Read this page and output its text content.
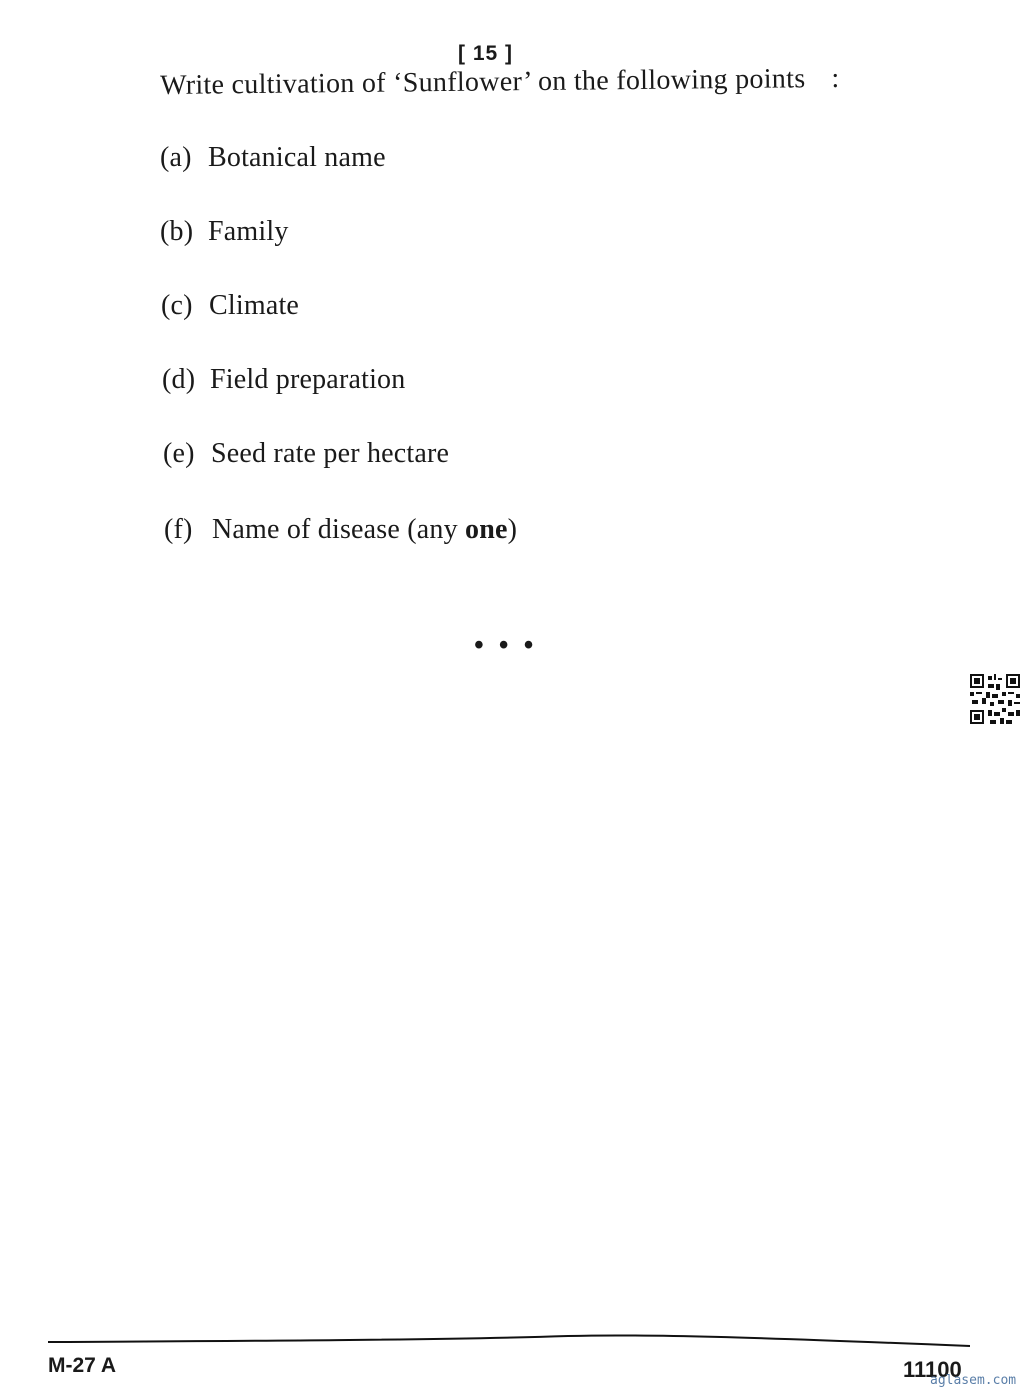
[ 15 ]
Write cultivation of ‘Sunflower’ on the following points :
(a) Botanical name
(b) Family
(c) Climate
(d) Field preparation
(e) Seed rate per hectare
(f) Name of disease (any one)
• • •
M-27 A	11100
aglasem.com
